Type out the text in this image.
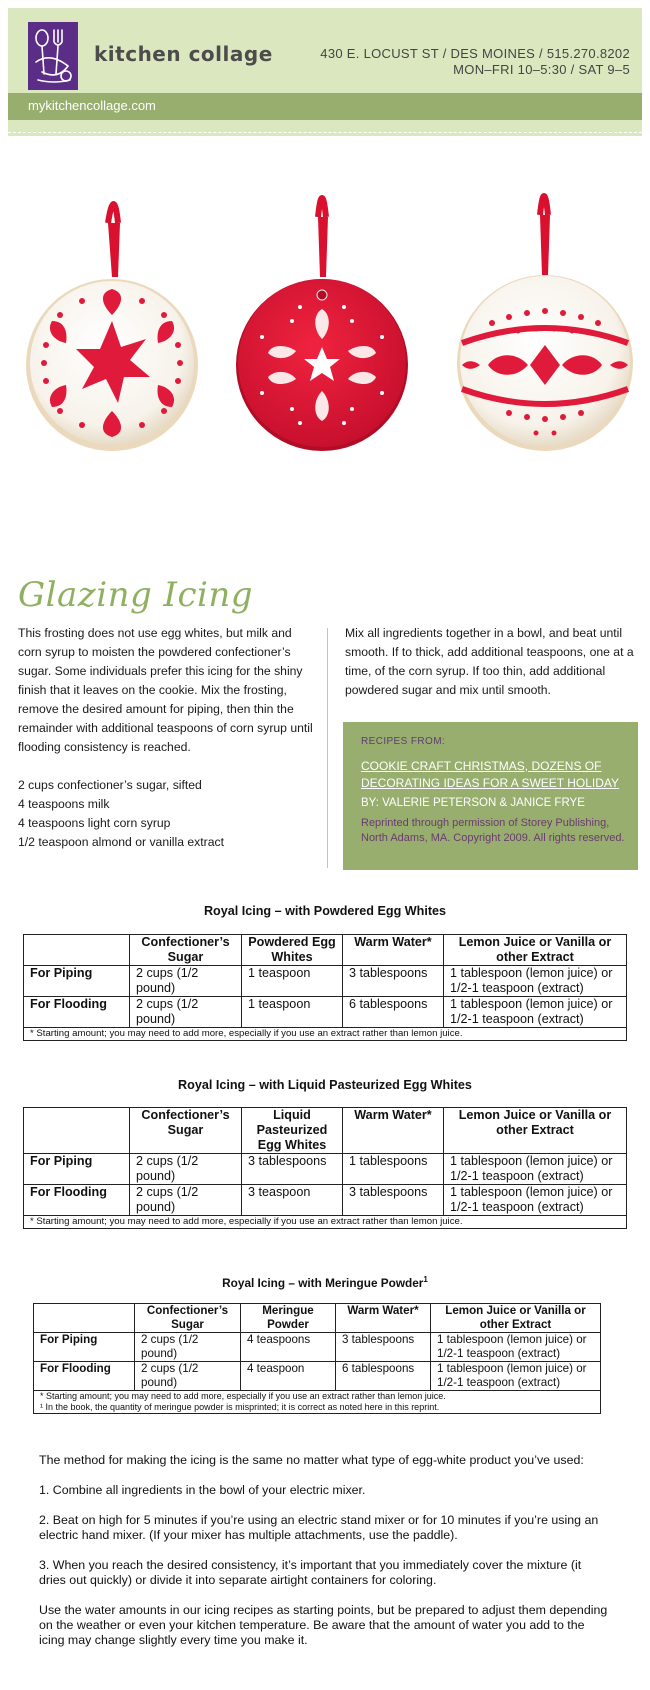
kitchen collage	430 E. LOCUST ST / DES MOINES / 515.270.8202
MON–FRI 10–5:30 / SAT 9–5
mykitchencollage.com
Glazing Icing

This frosting does not use egg whites, but milk and corn syrup to moisten the powdered confectioner’s sugar. Some individuals prefer this icing for the shiny finish that it leaves on the cookie. Mix the frosting, remove the desired amount for piping, then thin the remainder with additional teaspoons of corn syrup until flooding consistency is reached.

2 cups confectioner’s sugar, sifted

4 teaspoons milk

4 teaspoons light corn syrup

1/2 teaspoon almond or vanilla extract

Mix all ingredients together in a bowl, and beat until smooth. If to thick, add additional teaspoons, one at a time, of the corn syrup. If too thin, add additional powdered sugar and mix until smooth.

RECIPES FROM:
COOKIE CRAFT CHRISTMAS, DOZENS OF DECORATING IDEAS FOR A SWEET HOLIDAY
BY: VALERIE PETERSON & JANICE FRYE
Reprinted through permission of Storey Publishing, North Adams, MA. Copyright 2009. All rights reserved.
Royal Icing – with Powdered Egg Whites
	Confectioner’s Sugar	Powdered Egg Whites	Warm Water*	Lemon Juice or Vanilla or other Extract
For Piping	2 cups (1/2 pound)	1 teaspoon	3 tablespoons	1 tablespoon (lemon juice) or 1/2-1 teaspoon (extract)
For Flooding	2 cups (1/2 pound)	1 teaspoon	6 tablespoons	1 tablespoon (lemon juice) or 1/2-1 teaspoon (extract)
* Starting amount; you may need to add more, especially if you use an extract rather than lemon juice.				
Royal Icing – with Liquid Pasteurized Egg Whites
	Confectioner’s Sugar	Liquid Pasteurized Egg Whites	Warm Water*	Lemon Juice or Vanilla or other Extract
For Piping	2 cups (1/2 pound)	3 tablespoons	1 tablespoons	1 tablespoon (lemon juice) or 1/2-1 teaspoon (extract)
For Flooding	2 cups (1/2 pound)	3 teaspoon	3 tablespoons	1 tablespoon (lemon juice) or 1/2-1 teaspoon (extract)
* Starting amount; you may need to add more, especially if you use an extract rather than lemon juice.				
Royal Icing – with Meringue Powder$^1$
	Confectioner’s Sugar	Meringue Powder	Warm Water*	Lemon Juice or Vanilla or other Extract
For Piping	2 cups (1/2 pound)	4 teaspoons	3 tablespoons	1 tablespoon (lemon juice) or 1/2-1 teaspoon (extract)
For Flooding	2 cups (1/2 pound)	4 teaspoon	6 tablespoons	1 tablespoon (lemon juice) or 1/2-1 teaspoon (extract)

* Starting amount; you may need to add more, especially if you use an extract rather than lemon juice.
¹ In the book, the quantity of meringue powder is misprinted; it is correct as noted here in this reprint.				

The method for making the icing is the same no matter what type of egg-white product you’ve used:

1. Combine all ingredients in the bowl of your electric mixer.

2. Beat on high for 5 minutes if you’re using an electric stand mixer or for 10 minutes if you’re using an electric hand mixer. (If your mixer has multiple attachments, use the paddle).

3. When you reach the desired consistency, it’s important that you immediately cover the mixture (it dries out quickly) or divide it into separate airtight containers for coloring.

Use the water amounts in our icing recipes as starting points, but be prepared to adjust them depending on the weather or even your kitchen temperature. Be aware that the amount of water you add to the icing may change slightly every time you make it.
